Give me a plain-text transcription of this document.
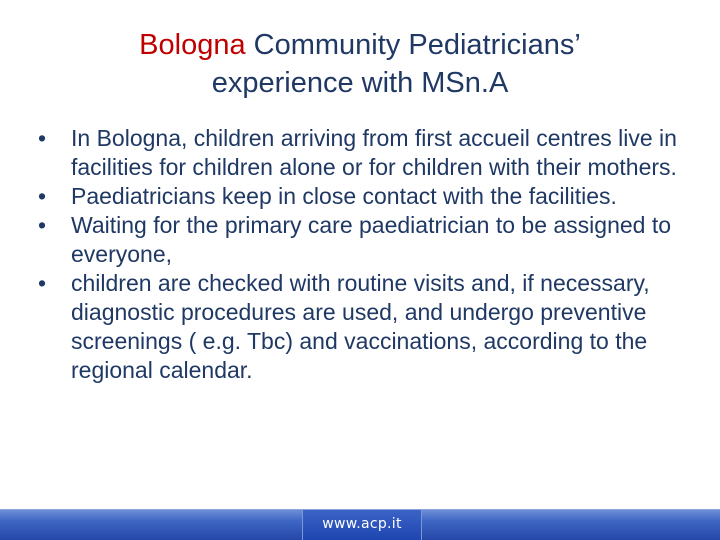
Bologna Community Pediatricians’
experience with MSn.A
•	In Bologna, children arriving from first accueil centres live in facilities for children alone or for children with their mothers.
•	Paediatricians keep in close contact with the facilities.
•	Waiting for the primary care paediatrician to be assigned to everyone,
•	children are checked with routine visits and, if necessary, diagnostic procedures are used, and undergo preventive screenings ( e.g. Tbc) and vaccinations, according to the regional calendar.
www.acp.it
